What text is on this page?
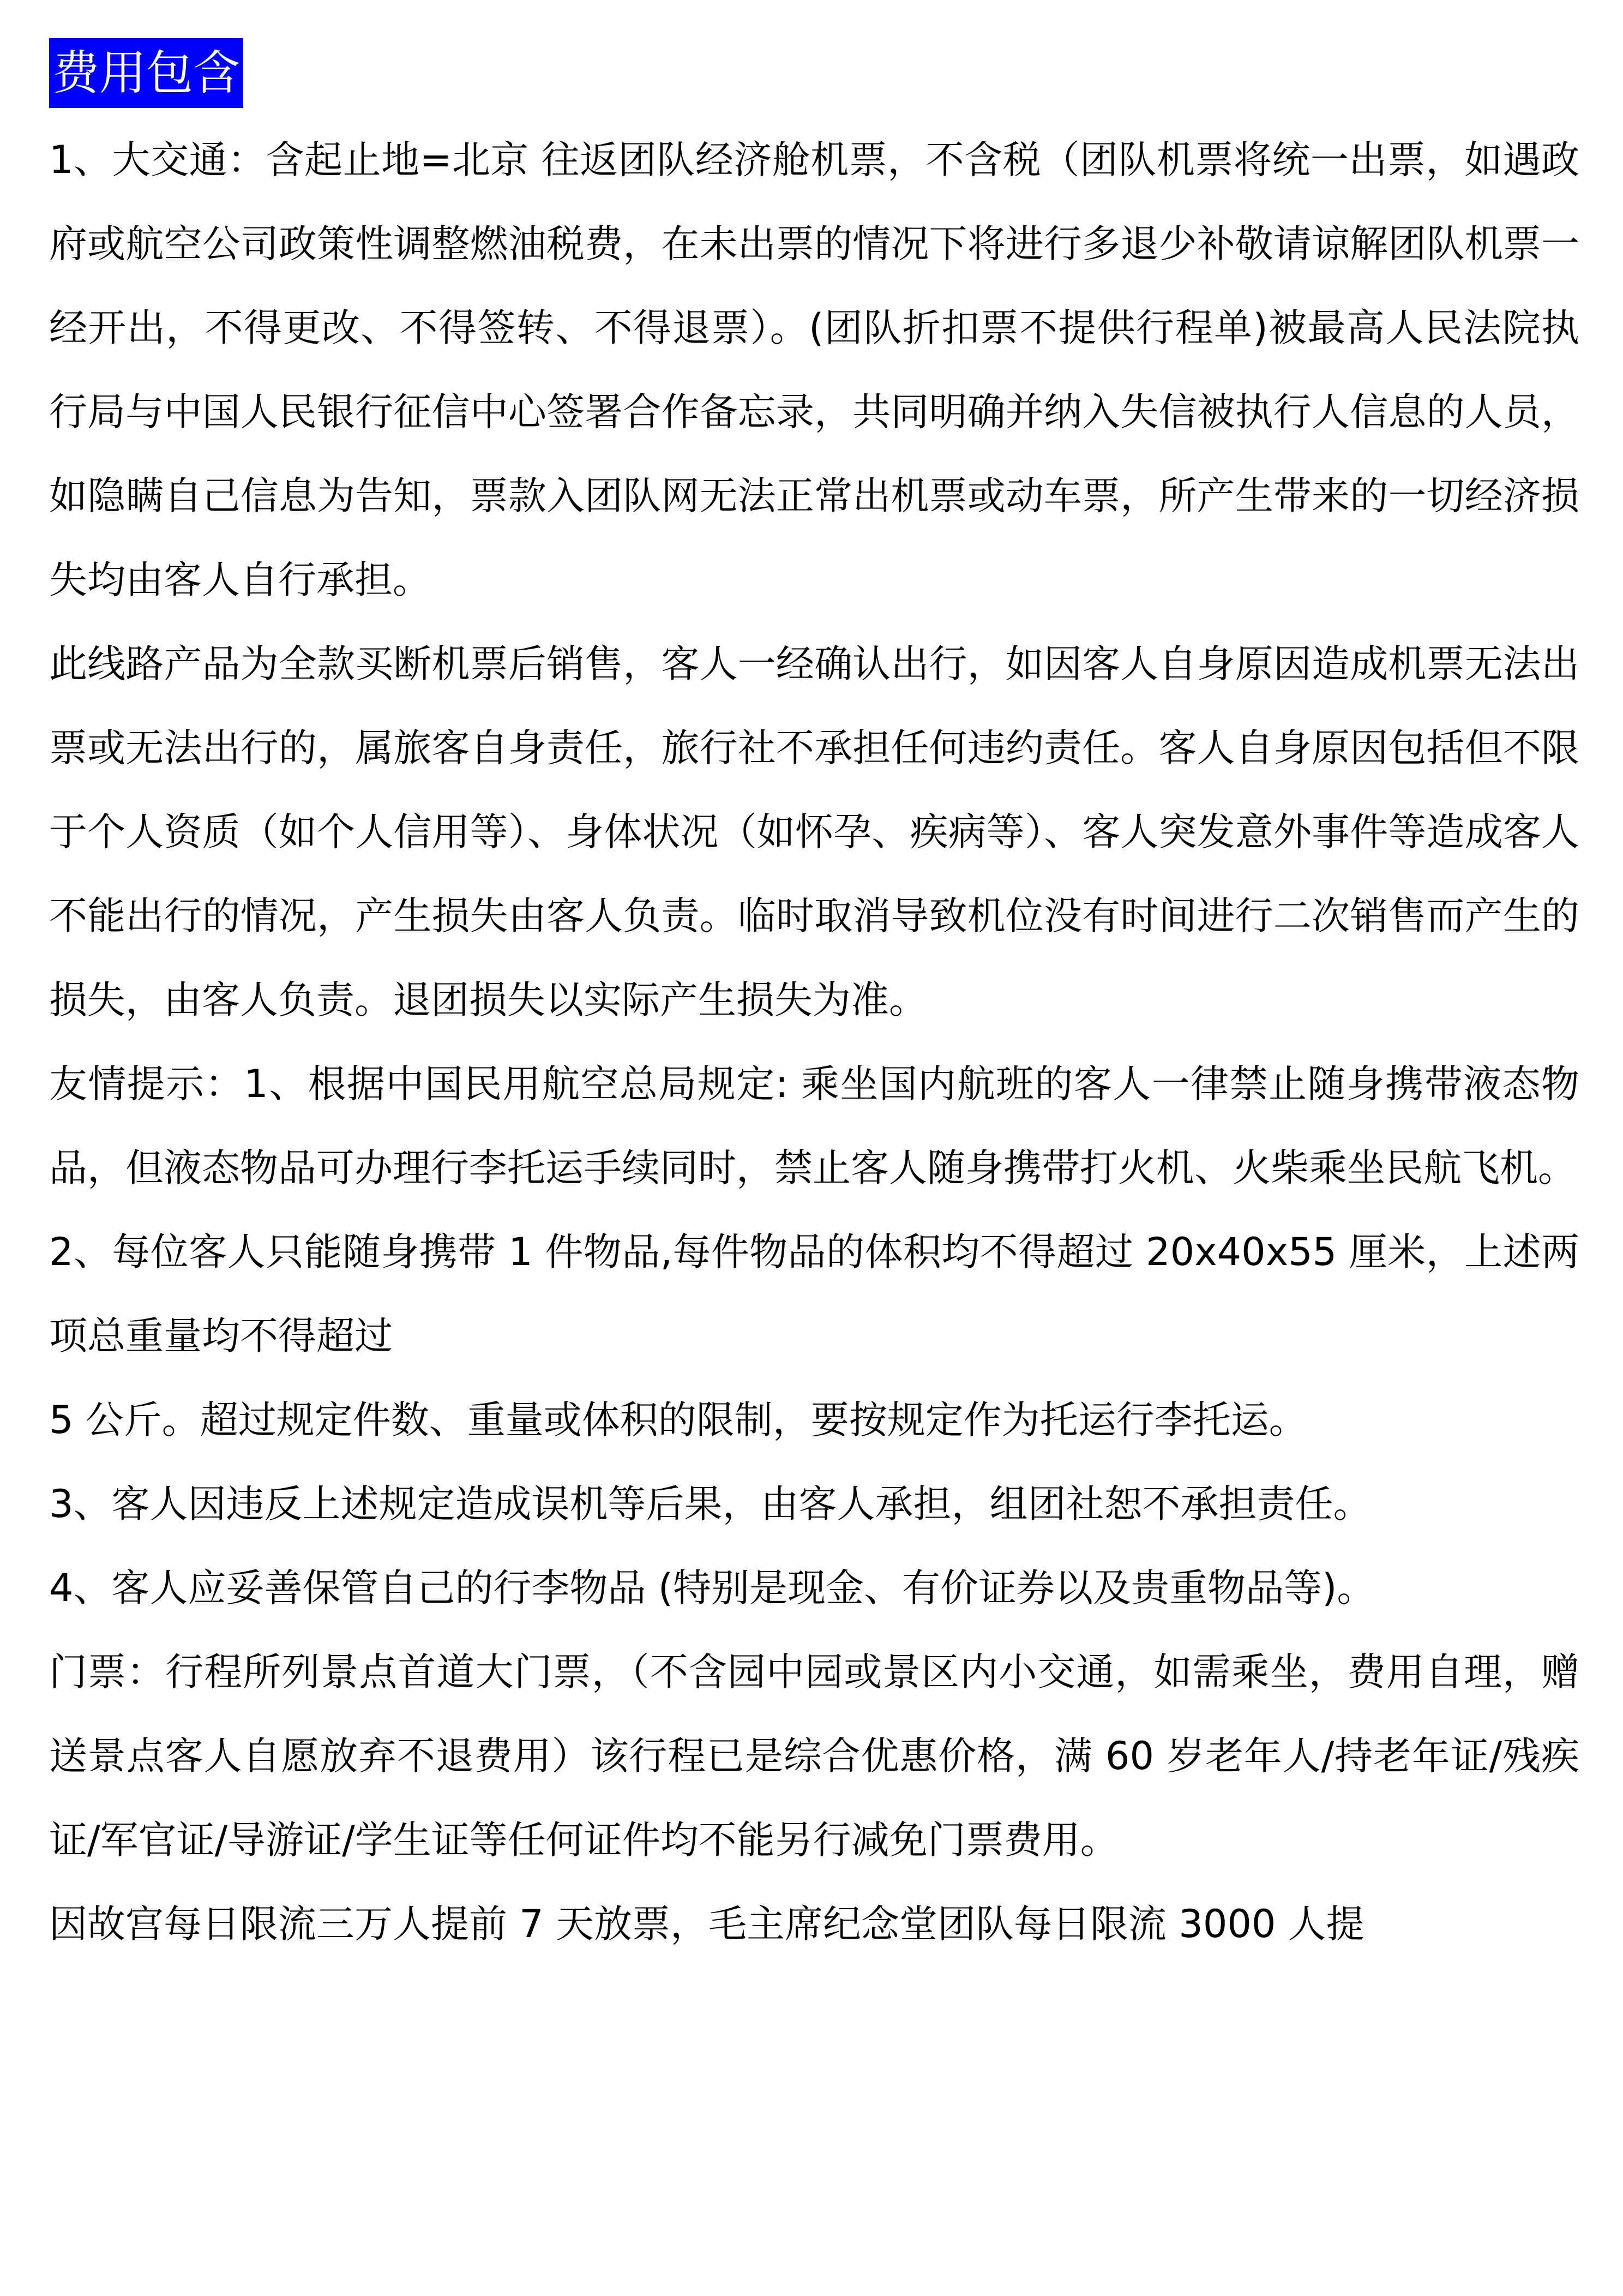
费用包含

1、大交通：含起止地=北京 往返团队经济舱机票，不含税（团队机票将统一出票，如遇政府或航空公司政策性调整燃油税费，在未出票的情况下将进行多退少补敬请谅解团队机票一经开出，不得更改、不得签转、不得退票）。(团队折扣票不提供行程单)被最高人民法院执行局与中国人民银行征信中心签署合作备忘录，共同明确并纳入失信被执行人信息的人员，如隐瞒自己信息为告知，票款入团队网无法正常出机票或动车票，所产生带来的一切经济损失均由客人自行承担。

此线路产品为全款买断机票后销售，客人一经确认出行，如因客人自身原因造成机票无法出票或无法出行的，属旅客自身责任，旅行社不承担任何违约责任。客人自身原因包括但不限于个人资质（如个人信用等）、身体状况（如怀孕、疾病等）、客人突发意外事件等造成客人不能出行的情况，产生损失由客人负责。临时取消导致机位没有时间进行二次销售而产生的损失，由客人负责。退团损失以实际产生损失为准。

友情提示：1、根据中国民用航空总局规定: 乘坐国内航班的客人一律禁止随身携带液态物品，但液态物品可办理行李托运手续同时，禁止客人随身携带打火机、火柴乘坐民航飞机。

2、每位客人只能随身携带 1 件物品,每件物品的体积均不得超过 20x40x55 厘米，上述两项总重量均不得超过

5 公斤。超过规定件数、重量或体积的限制，要按规定作为托运行李托运。

3、客人因违反上述规定造成误机等后果，由客人承担，组团社恕不承担责任。

4、客人应妥善保管自己的行李物品 (特别是现金、有价证券以及贵重物品等)。

门票：行程所列景点首道大门票，（不含园中园或景区内小交通，如需乘坐，费用自理，赠送景点客人自愿放弃不退费用）该行程已是综合优惠价格，满 60 岁老年人/持老年证/残疾证/军官证/导游证/学生证等任何证件均不能另行减免门票费用。

因故宫每日限流三万人提前 7 天放票，毛主席纪念堂团队每日限流 3000 人提
